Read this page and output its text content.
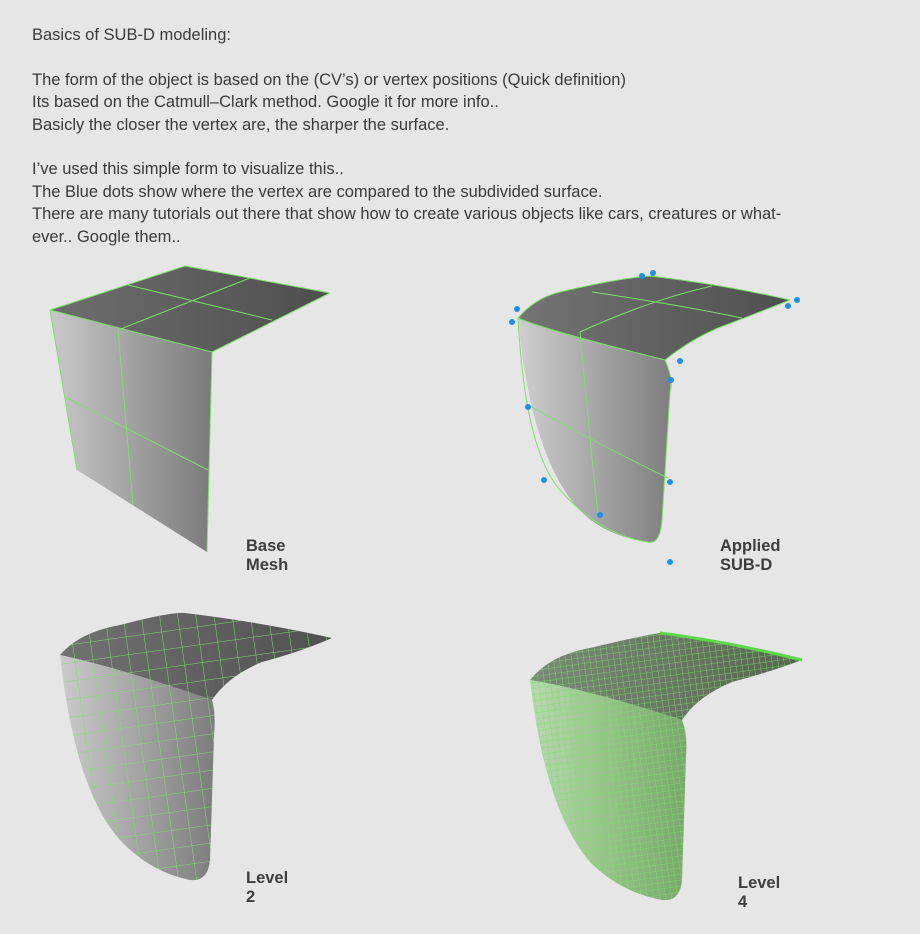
Basics of SUB-D modeling:

The form of the object is based on the (CV’s) or vertex positions (Quick definition)

Its based on the Catmull–Clark method. Google it for more info..

Basicly the closer the vertex are, the sharper the surface.

I’ve used this simple form to visualize this..

The Blue dots show where the vertex are compared to the subdivided surface.

There are many tutorials out there that show how to create various objects like cars, creatures or what-

ever.. Google them..

Base Mesh
Applied SUB-D
Level 2
Level 4
